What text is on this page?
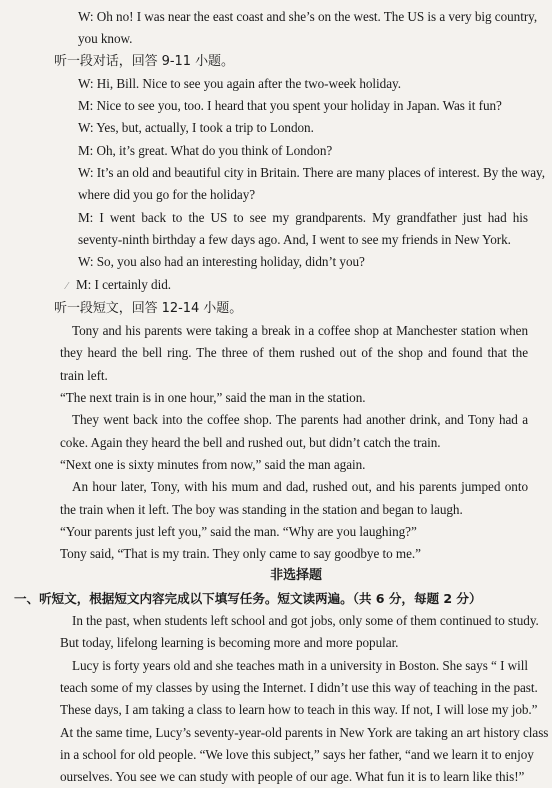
W: Oh no! I was near the east coast and she’s on the west. The US is a very big country,
you know.
听一段对话，回答 9-11 小题。
W: Hi, Bill. Nice to see you again after the two-week holiday.
M: Nice to see you, too. I heard that you spent your holiday in Japan. Was it fun?
W: Yes, but, actually, I took a trip to London.
M: Oh, it’s great. What do you think of London?
W: It’s an old and beautiful city in Britain. There are many places of interest. By the way,
where did you go for the holiday?
M: I went back to the US to see my grandparents. My grandfather just had his
seventy-ninth birthday a few days ago. And, I went to see my friends in New York.
W: So, you also had an interesting holiday, didn’t you?
⁄ M: I certainly did.
听一段短文，回答 12-14 小题。
Tony and his parents were taking a break in a coffee shop at Manchester station when
they heard the bell ring. The three of them rushed out of the shop and found that the
train left.
“The next train is in one hour,” said the man in the station.
They went back into the coffee shop. The parents had another drink, and Tony had a
coke. Again they heard the bell and rushed out, but didn’t catch the train.
“Next one is sixty minutes from now,” said the man again.
An hour later, Tony, with his mum and dad, rushed out, and his parents jumped onto
the train when it left. The boy was standing in the station and began to laugh.
“Your parents just left you,” said the man. “Why are you laughing?”
Tony said, “That is my train. They only came to say goodbye to me.”
非选择题
一、听短文，根据短文内容完成以下填写任务。短文读两遍。（共 6 分，每题 2 分）
In the past, when students left school and got jobs, only some of them continued to study.
But today, lifelong learning is becoming more and more popular.
Lucy is forty years old and she teaches math in a university in Boston. She says “ I will
teach some of my classes by using the Internet. I didn’t use this way of teaching in the past.
These days, I am taking a class to learn how to teach in this way. If not, I will lose my job.”
At the same time, Lucy’s seventy-year-old parents in New York are taking an art history class
in a school for old people. “We love this subject,” says her father, “and we learn it to enjoy
ourselves. You see we can study with people of our age. What fun it is to learn like this!”
